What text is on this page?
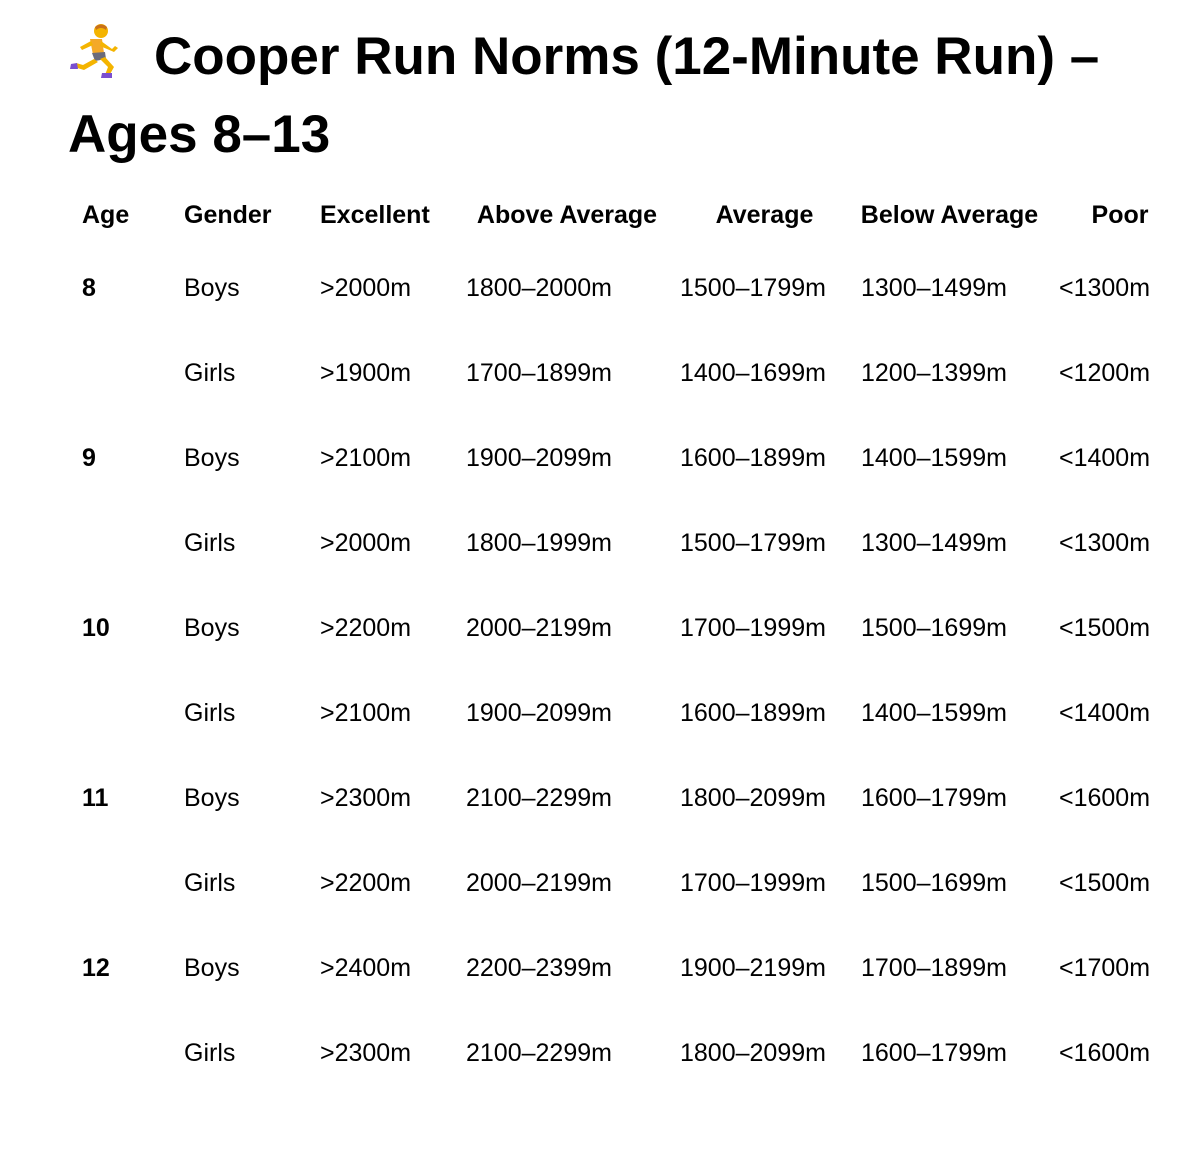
Cooper Run Norms (12-Minute Run) – Ages 8–13
Age	Gender	Excellent	Above Average	Average	Below Average	Poor
8	Boys	>2000m	1800–2000m	1500–1799m	1300–1499m	<1300m
	Girls	>1900m	1700–1899m	1400–1699m	1200–1399m	<1200m
9	Boys	>2100m	1900–2099m	1600–1899m	1400–1599m	<1400m
	Girls	>2000m	1800–1999m	1500–1799m	1300–1499m	<1300m
10	Boys	>2200m	2000–2199m	1700–1999m	1500–1699m	<1500m
	Girls	>2100m	1900–2099m	1600–1899m	1400–1599m	<1400m
11	Boys	>2300m	2100–2299m	1800–2099m	1600–1799m	<1600m
	Girls	>2200m	2000–2199m	1700–1999m	1500–1699m	<1500m
12	Boys	>2400m	2200–2399m	1900–2199m	1700–1899m	<1700m
	Girls	>2300m	2100–2299m	1800–2099m	1600–1799m	<1600m
